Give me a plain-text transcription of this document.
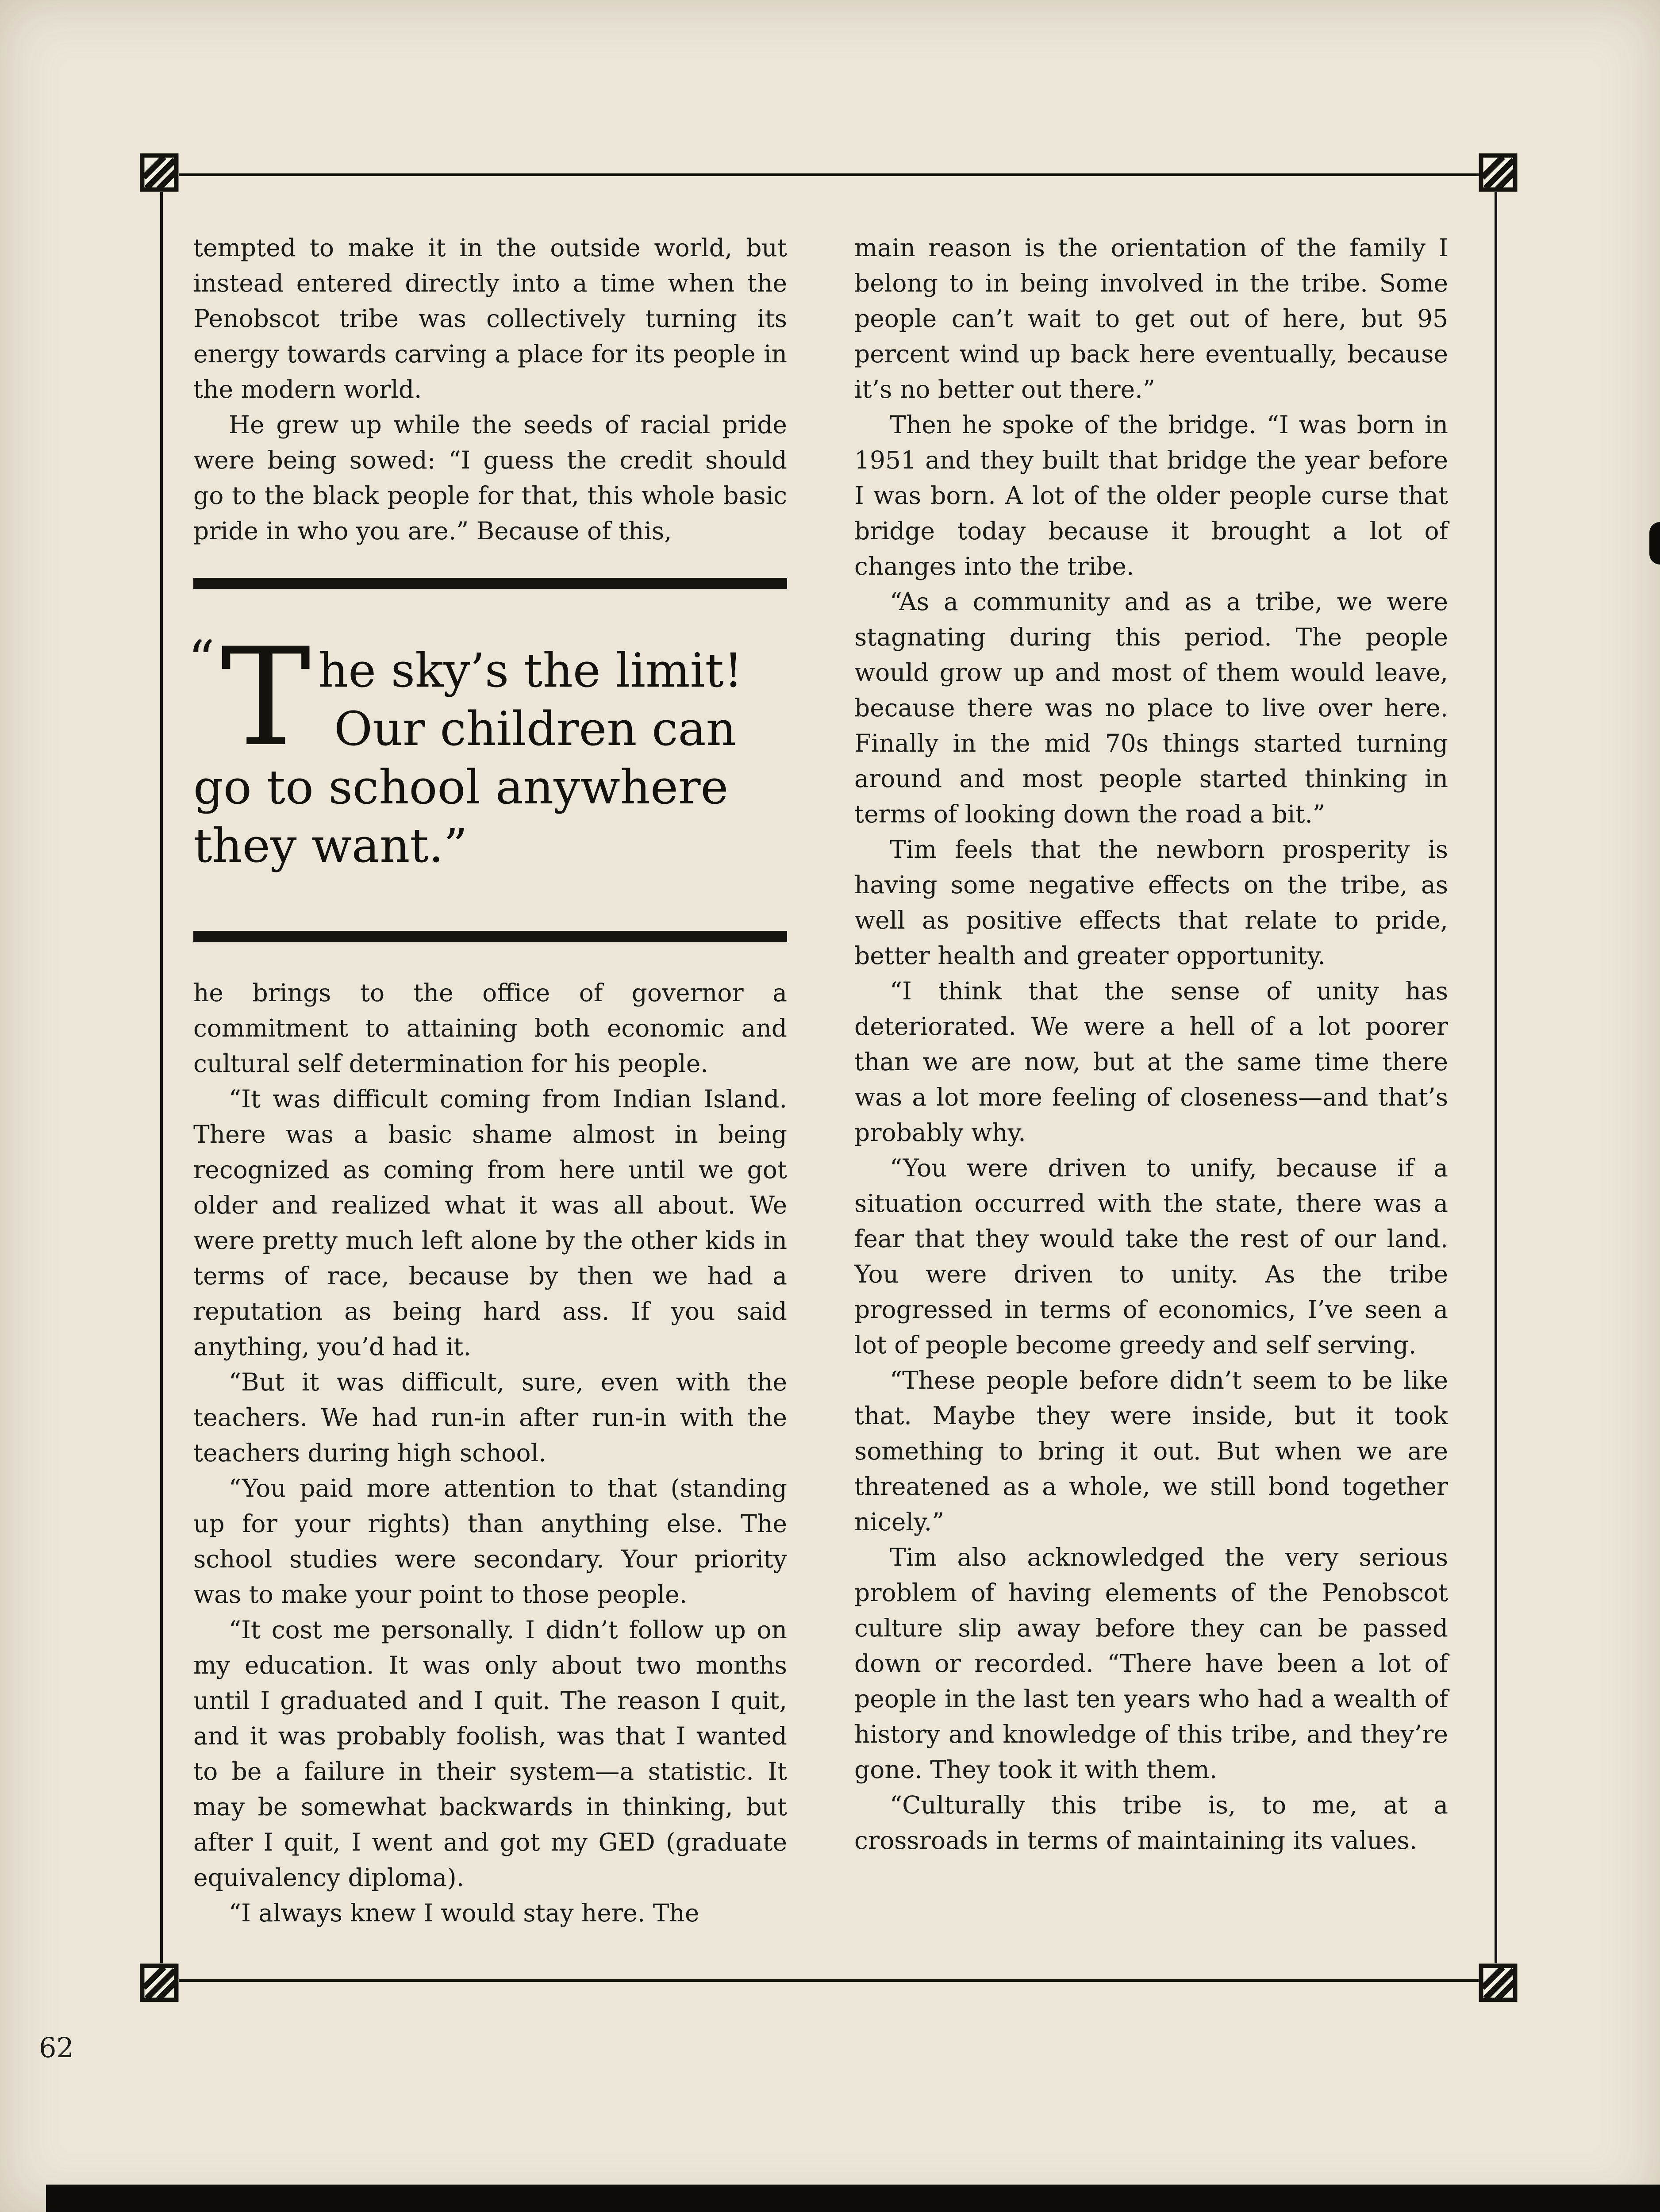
tempted to make it in the outside world, but instead entered directly into a time when the Penobscot tribe was collectively turning its energy towards carving a place for its people in the modern world.

He grew up while the seeds of racial pride were being sowed: “I guess the credit should go to the black people for that, this whole basic pride in who you are.” Because of this,

“ T he sky’s the limit!
Our children can
go to school anywhere
they want.”

he brings to the office of governor a commitment to attaining both economic and cultural self determination for his people.

“It was difficult coming from Indian Island. There was a basic shame almost in being recognized as coming from here until we got older and realized what it was all about. We were pretty much left alone by the other kids in terms of race, because by then we had a reputation as being hard ass. If you said anything, you’d had it.

“But it was difficult, sure, even with the teachers. We had run-in after run-in with the teachers during high school.

“You paid more attention to that (standing up for your rights) than anything else. The school studies were secondary. Your priority was to make your point to those people.

“It cost me personally. I didn’t follow up on my education. It was only about two months until I graduated and I quit. The reason I quit, and it was probably foolish, was that I wanted to be a failure in their system—a statistic. It may be somewhat backwards in thinking, but after I quit, I went and got my GED (graduate equivalency diploma).

“I always knew I would stay here. The

main reason is the orientation of the family I belong to in being involved in the tribe. Some people can’t wait to get out of here, but 95 percent wind up back here eventually, because it’s no better out there.”

Then he spoke of the bridge. “I was born in 1951 and they built that bridge the year before I was born. A lot of the older people curse that bridge today because it brought a lot of changes into the tribe.

“As a community and as a tribe, we were stagnating during this period. The people would grow up and most of them would leave, because there was no place to live over here. Finally in the mid 70s things started turning around and most people started thinking in terms of looking down the road a bit.”

Tim feels that the newborn prosperity is having some negative effects on the tribe, as well as positive effects that relate to pride, better health and greater opportunity.

“I think that the sense of unity has deteriorated. We were a hell of a lot poorer than we are now, but at the same time there was a lot more feeling of closeness—and that’s probably why.

“You were driven to unify, because if a situation occurred with the state, there was a fear that they would take the rest of our land. You were driven to unity. As the tribe progressed in terms of economics, I’ve seen a lot of people become greedy and self serving.

“These people before didn’t seem to be like that. Maybe they were inside, but it took something to bring it out. But when we are threatened as a whole, we still bond together nicely.”

Tim also acknowledged the very serious problem of having elements of the Penobscot culture slip away before they can be passed down or recorded. “There have been a lot of people in the last ten years who had a wealth of history and knowledge of this tribe, and they’re gone. They took it with them.

“Culturally this tribe is, to me, at a crossroads in terms of maintaining its values.

62
